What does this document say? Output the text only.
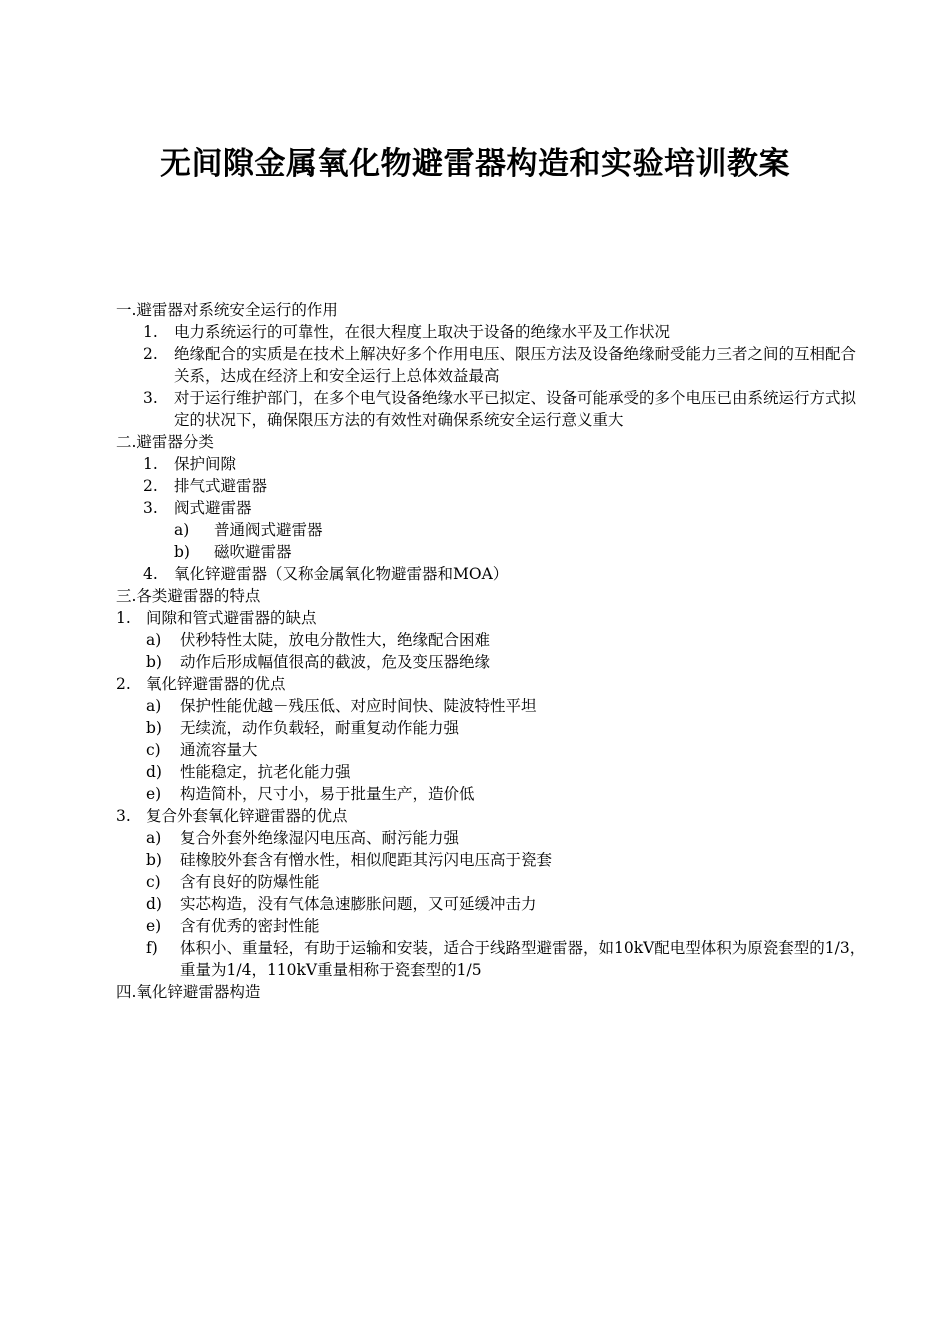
无间隙金属氧化物避雷器构造和实验培训教案
一.避雷器对系统安全运行的作用
1. 电力系统运行的可靠性，在很大程度上取决于设备的绝缘水平及工作状况
2. 绝缘配合的实质是在技术上解决好多个作用电压、限压方法及设备绝缘耐受能力三者之间的互相配合关系，达成在经济上和安全运行上总体效益最高
3. 对于运行维护部门，在多个电气设备绝缘水平已拟定、设备可能承受的多个电压已由系统运行方式拟定的状况下，确保限压方法的有效性对确保系统安全运行意义重大
二.避雷器分类
1. 保护间隙
2. 排气式避雷器
3. 阀式避雷器
a) 普通阀式避雷器
b) 磁吹避雷器
4. 氧化锌避雷器（又称金属氧化物避雷器和MOA）
三.各类避雷器的特点
1. 间隙和管式避雷器的缺点
a) 伏秒特性太陡，放电分散性大，绝缘配合困难
b) 动作后形成幅值很高的截波，危及变压器绝缘
2. 氧化锌避雷器的优点
a) 保护性能优越－残压低、对应时间快、陡波特性平坦
b) 无续流，动作负载轻，耐重复动作能力强
c) 通流容量大
d) 性能稳定，抗老化能力强
e) 构造简朴，尺寸小，易于批量生产，造价低
3. 复合外套氧化锌避雷器的优点
a) 复合外套外绝缘湿闪电压高、耐污能力强
b) 硅橡胶外套含有憎水性，相似爬距其污闪电压高于瓷套
c) 含有良好的防爆性能
d) 实芯构造，没有气体急速膨胀问题，又可延缓冲击力
e) 含有优秀的密封性能
f) 体积小、重量轻，有助于运输和安装，适合于线路型避雷器，如10kV配电型体积为原瓷套型的1/3，重量为1/4，110kV重量相称于瓷套型的1/5
四.氧化锌避雷器构造
